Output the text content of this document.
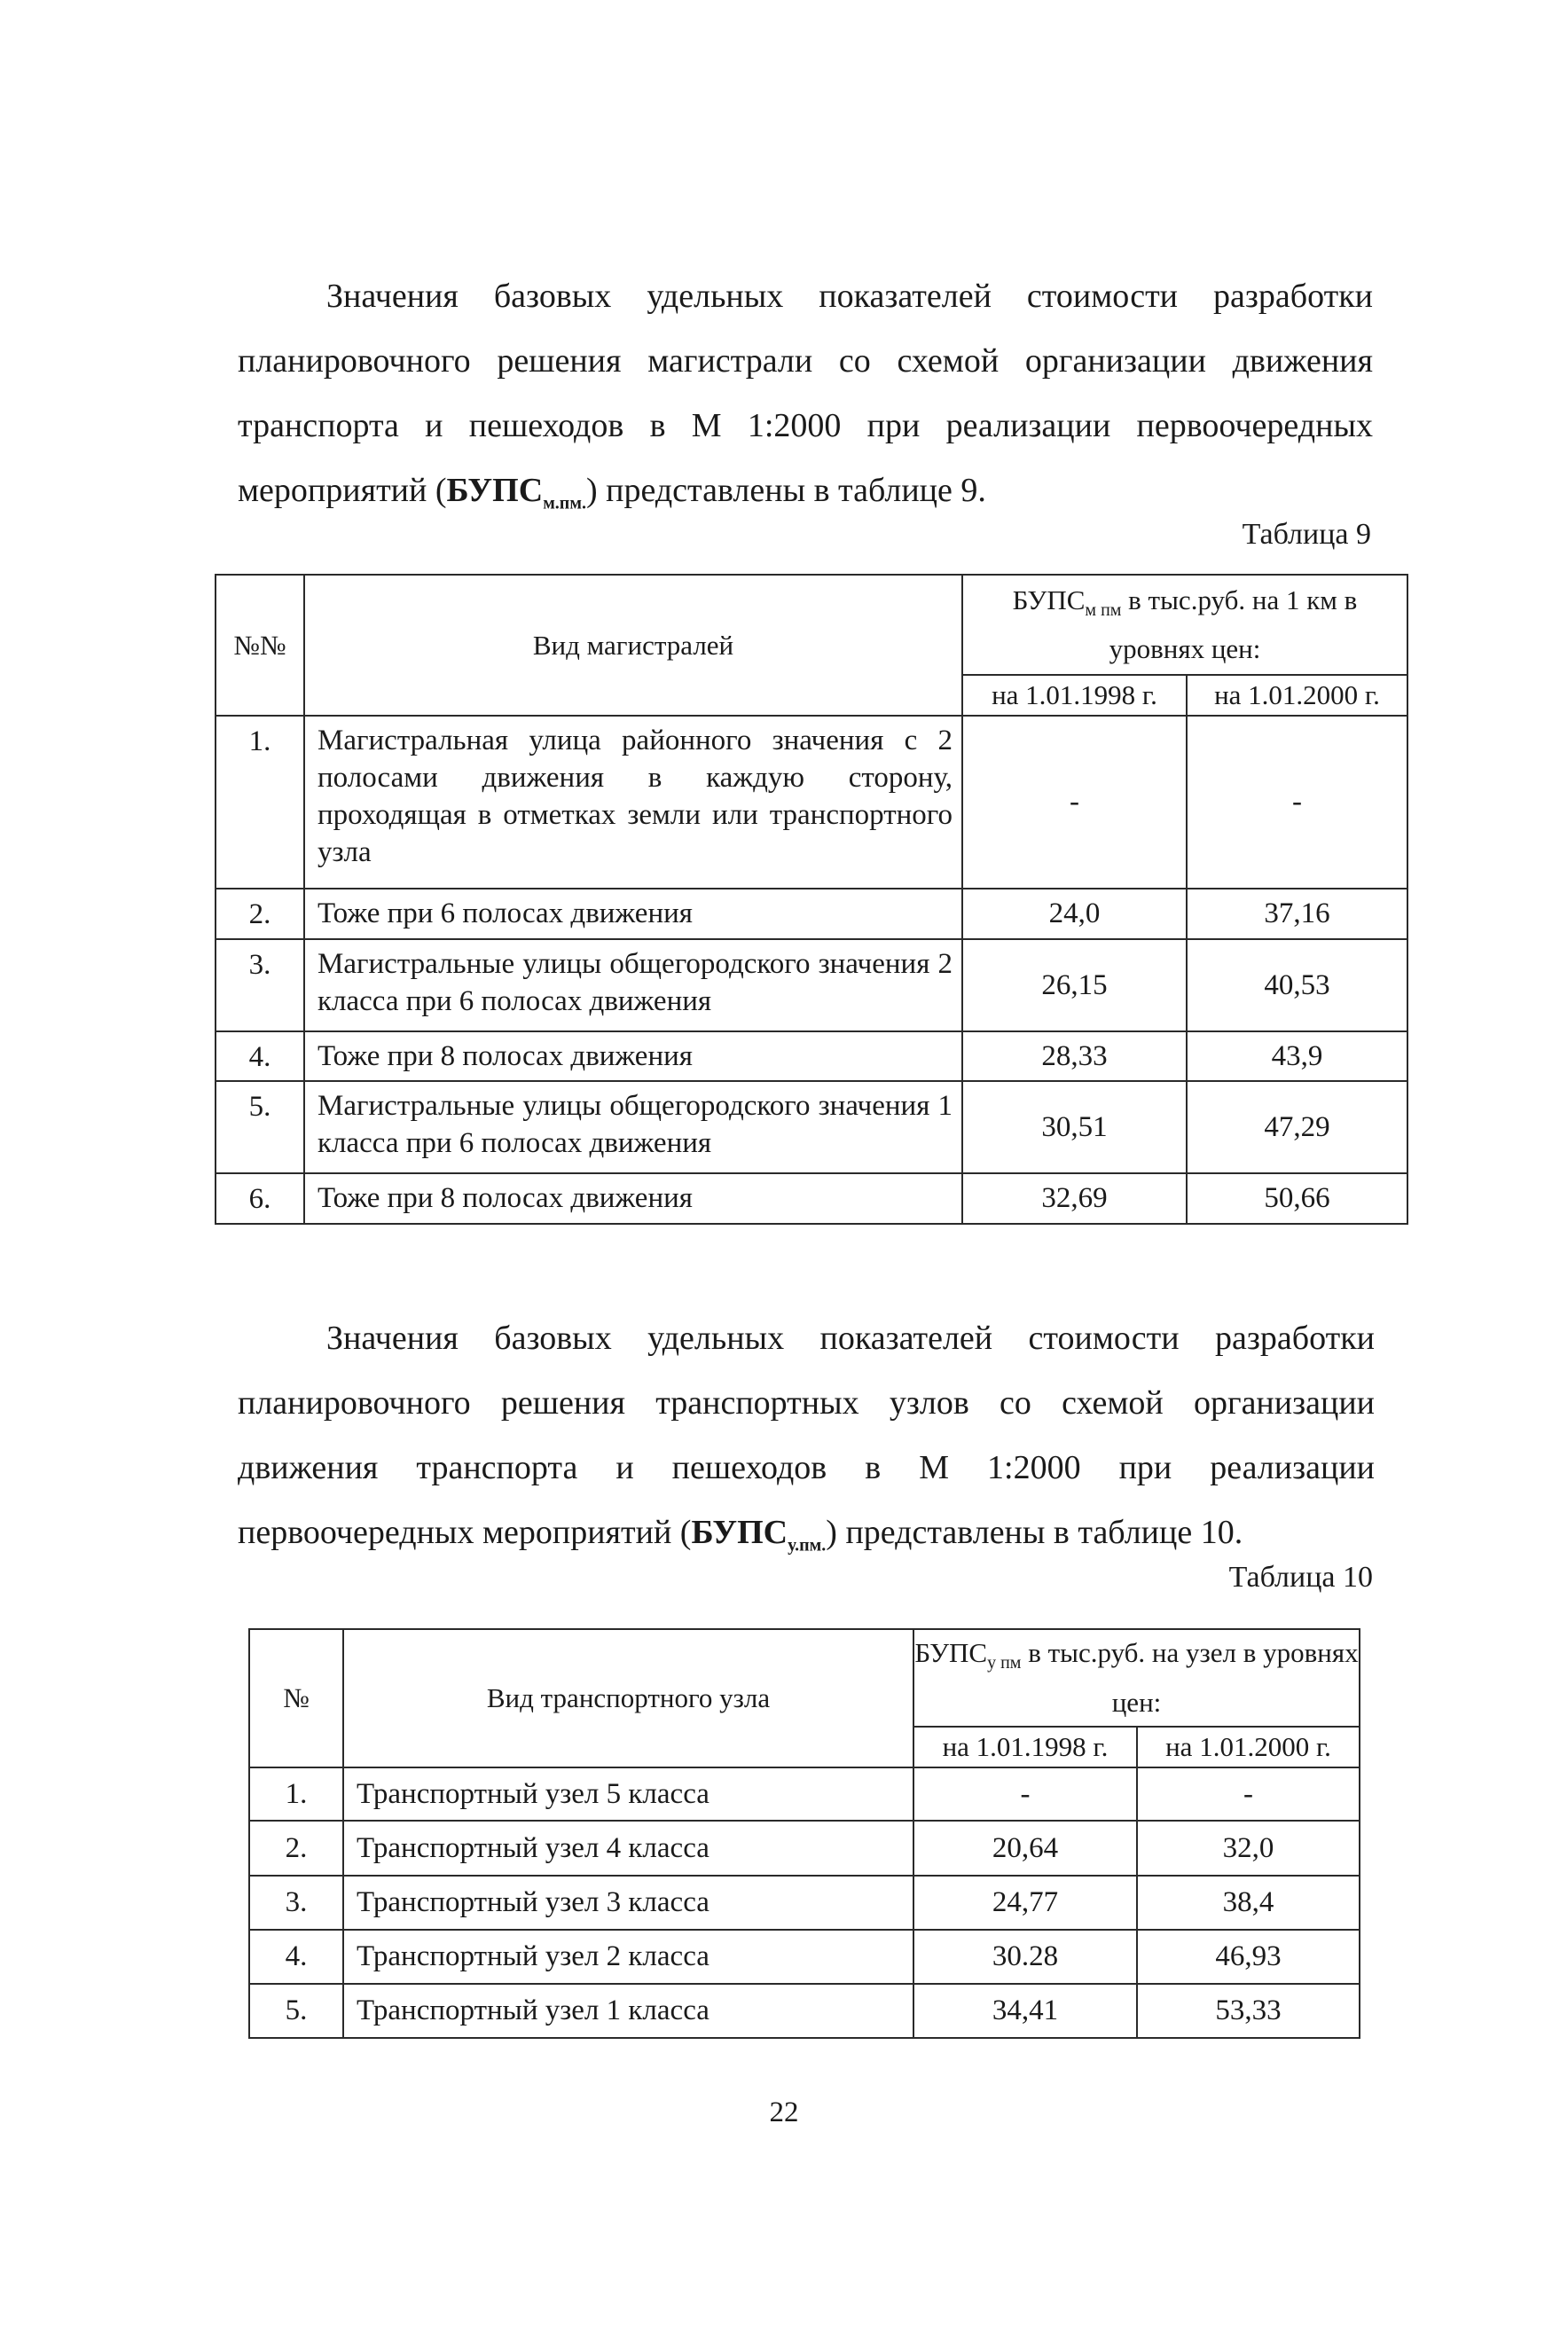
Значения базовых удельных показателей стоимости разработки планировочного решения магистрали со схемой организации движения транспорта и пешеходов в М 1:2000 при реализации первоочередных мероприятий $(БУПС_{м.пм.})$ представлены в таблице 9.

Таблица 9
№№	Вид магистралей	$БУПС_{м пм}$ в тыс.руб. на 1 км в уровнях цен:	
		на 1.01.1998 г.	на 1.01.2000 г.
1.	Магистральная улица районного значения с 2 полосами движения в каждую сторону, проходящая в отметках земли или транспортного узла	-	-
2.	Тоже при 6 полосах движения	24,0	37,16
3.	Магистральные улицы общегородского значения 2 класса при 6 полосах движения	26,15	40,53
4.	Тоже при 8 полосах движения	28,33	43,9
5.	Магистральные улицы общегородского значения 1 класса при 6 полосах движения	30,51	47,29
6.	Тоже при 8 полосах движения	32,69	50,66

Значения базовых удельных показателей стоимости разработки планировочного решения транспортных узлов со схемой организации движения транспорта и пешеходов в М 1:2000 при реализации первоочередных мероприятий $(БУПС_{у.пм.})$ представлены в таблице 10.

Таблица 10
№	Вид транспортного узла	$БУПС_{у пм}$ в тыс.руб. на узел в уровнях цен:	
		на 1.01.1998 г.	на 1.01.2000 г.
1.	Транспортный узел 5 класса	-	-
2.	Транспортный узел 4 класса	20,64	32,0
3.	Транспортный узел 3 класса	24,77	38,4
4.	Транспортный узел 2 класса	30.28	46,93
5.	Транспортный узел 1 класса	34,41	53,33
22
